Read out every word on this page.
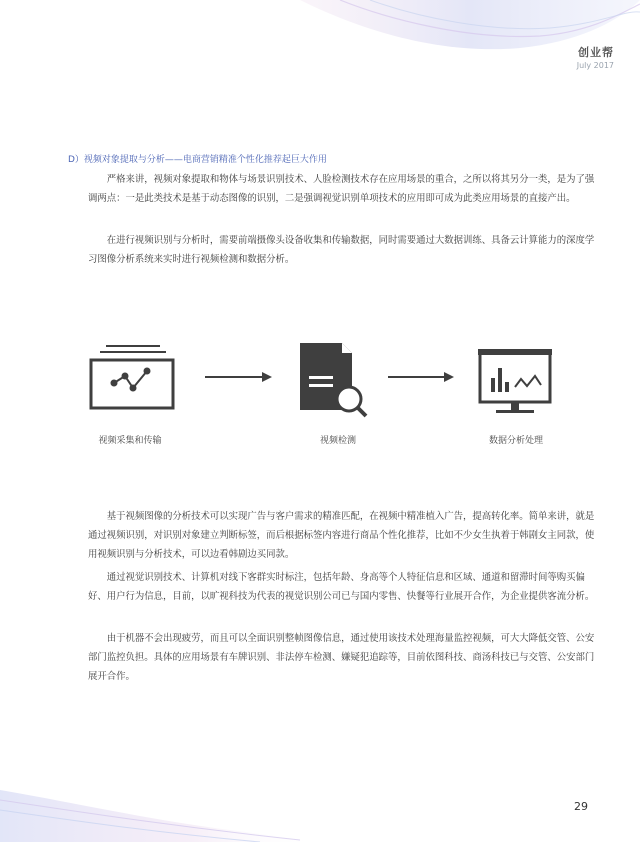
创业帮
July 2017
D）视频对象提取与分析——电商营销精准个性化推荐起巨大作用

严格来讲，视频对象提取和物体与场景识别技术、人脸检测技术存在应用场景的重合，之所以将其另分一类，是为了强调两点：一是此类技术是基于动态图像的识别，二是强调视觉识别单项技术的应用即可成为此类应用场景的直接产出。

在进行视频识别与分析时，需要前端摄像头设备收集和传输数据，同时需要通过大数据训练、具备云计算能力的深度学习图像分析系统来实时进行视频检测和数据分析。

视频采集和传输	视频检测	数据分析处理

基于视频图像的分析技术可以实现广告与客户需求的精准匹配，在视频中精准植入广告，提高转化率。简单来讲，就是通过视频识别，对识别对象建立判断标签，而后根据标签内容进行商品个性化推荐，比如不少女生执着于韩剧女主同款，使用视频识别与分析技术，可以边看韩剧边买同款。

通过视觉识别技术、计算机对线下客群实时标注，包括年龄、身高等个人特征信息和区域、通道和留滞时间等购买偏好、用户行为信息，目前，以旷视科技为代表的视觉识别公司已与国内零售、快餐等行业展开合作，为企业提供客流分析。

由于机器不会出现疲劳，而且可以全面识别整帧图像信息，通过使用该技术处理海量监控视频，可大大降低交管、公安部门监控负担。具体的应用场景有车牌识别、非法停车检测、嫌疑犯追踪等，目前依图科技、商汤科技已与交管、公安部门展开合作。

29
